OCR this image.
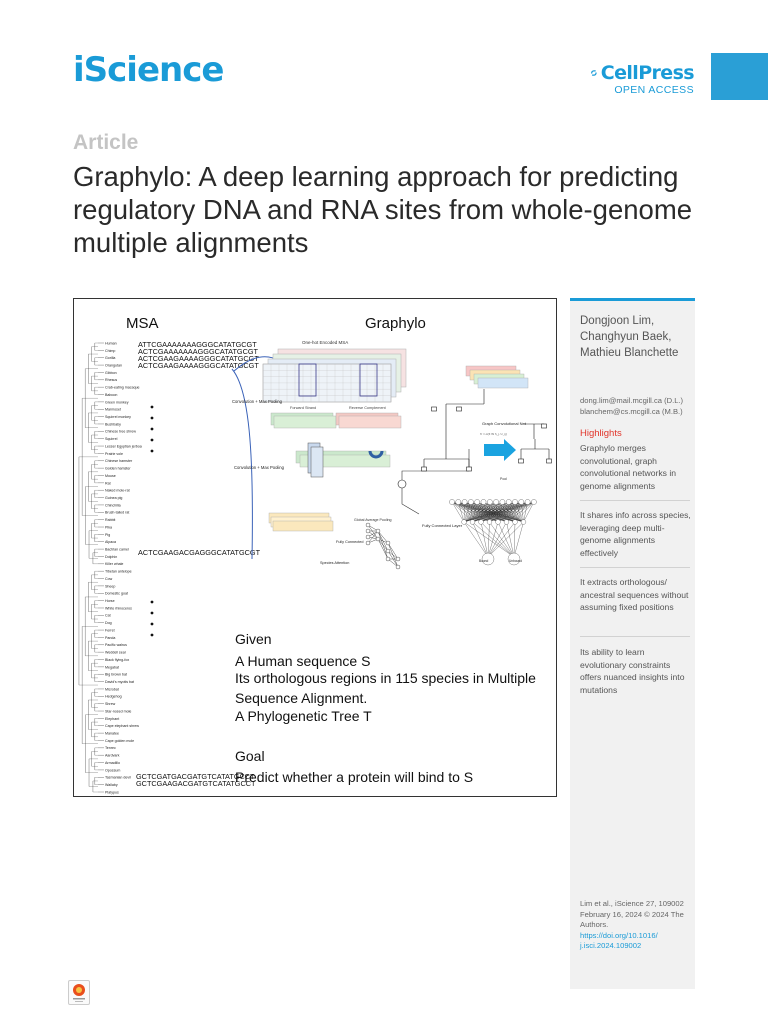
iScience	CellPress
OPEN ACCESS
Article
Graphylo: A deep learning approach for predicting regulatory DNA and RNA sites from whole-genome multiple alignments
Human
Chimp
Gorilla
Orangutan
Gibbon
Rhesus
Crab-eating macaque
Baboon
Green monkey
Marmoset
Squirrel monkey
Bushbaby
Chinese tree shrew
Squirrel
Lesser Egyptian jerboa
Prairie vole
Chinese hamster
Golden hamster
Mouse
Rat
Naked mole-rat
Guinea pig
Chinchilla
Brush-tailed rat
Rabbit
Pika
Pig
Alpaca
Bactrian camel
Dolphin
Killer whale
Tibetan antelope
Cow
Sheep
Domestic goat
Horse
White rhinoceros
Cat
Dog
Ferret
Panda
Pacific walrus
Weddell seal
Black flying-fox
Megabat
Big brown bat
David's myotis bat
Microbat
Hedgehog
Shrew
Star-nosed mole
Elephant
Cape elephant shrew
Manatee
Cape golden mole
Tenrec
Aardvark
Armadillo
Opossum
Tasmanian devil
Wallaby
Platypus
MSA	Graphylo
ATTCGAAAAAAAGGGCATATGCGT
ACTCGAAAAAAAGGGCATATGCGT
ACTCGAAGAAAAGGGCATATGCGT
ACTCGAAGAAAAGGGCATATGCGT
ACTCGAAGACGAGGGCATATGCGT
GCTCGATGACGATGTCATATGCCT
GCTCGAAGACGATGTCATATGCCT
One-hot Encoded MSA
Forward Strand	Reverse Complement
Convolution + Max Pooling
Convolution + Max Pooling
Global Average Pooling
Fully Connected
Species Attention
Graph Convolutional Net
h' = σ(Σ W h_j / c_ij)
Pool
Fully Connected Layer
Bound	Unbound
Given
A Human sequence S
Its orthologous regions in 115 species in Multiple
Sequence Alignment.
A Phylogenetic Tree T
Goal
Predict whether a protein will bind to S
Dongjoon Lim, Changhyun Baek, Mathieu Blanchette
dong.lim@mail.mcgill.ca (D.L.)
blanchem@cs.mcgill.ca (M.B.)
Highlights
Graphylo merges convolutional, graph convolutional networks in genome alignments
It shares info across species, leveraging deep multi-genome alignments effectively
It extracts orthologous/ ancestral sequences without assuming fixed positions
Its ability to learn evolutionary constraints offers nuanced insights into mutations
Lim et al., iScience 27, 109002 February 16, 2024 © 2024 The Authors.
https://doi.org/10.1016/ j.isci.2024.109002
